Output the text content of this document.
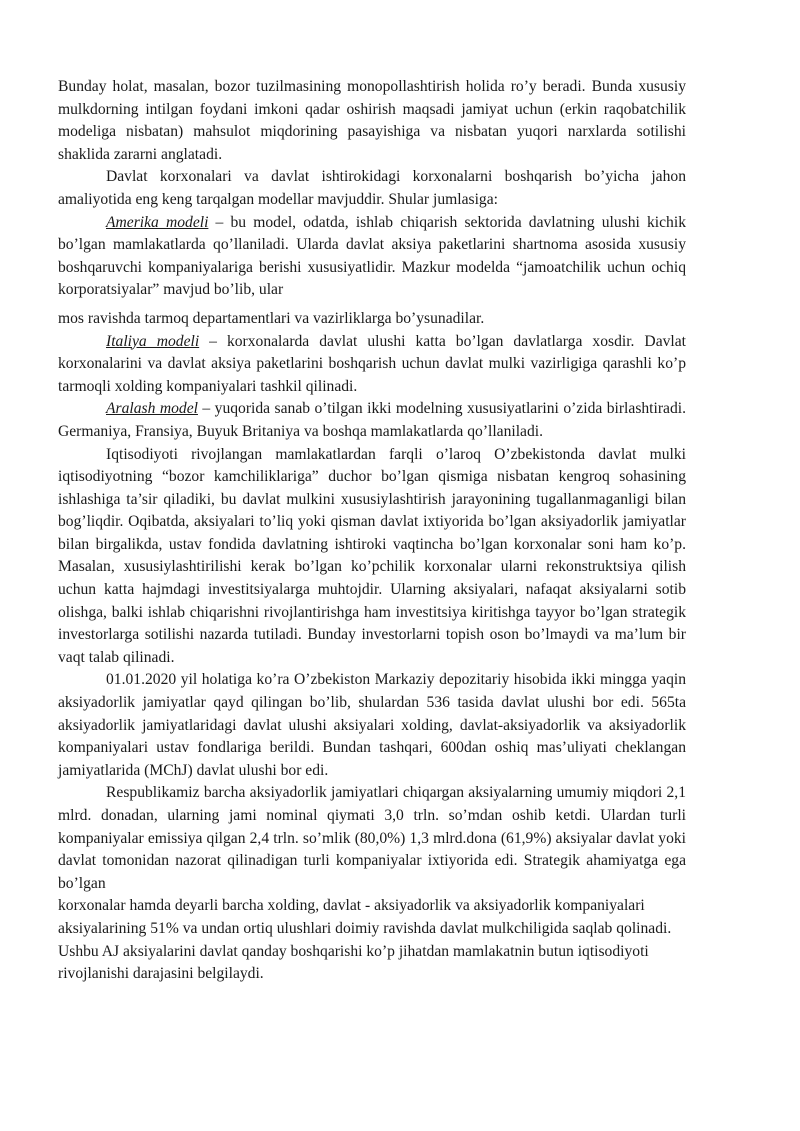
Bunday holat, masalan, bozor tuzilmasining monopollashtirish holida ro’y beradi. Bunda xususiy mulkdorning intilgan foydani imkoni qadar oshirish maqsadi jamiyat uchun (erkin raqobatchilik modeliga nisbatan) mahsulot miqdorining pasayishiga va nisbatan yuqori narxlarda sotilishi shaklida zararni anglatadi.

Davlat korxonalari va davlat ishtirokidagi korxonalarni boshqarish bo’yicha jahon amaliyotida eng keng tarqalgan modellar mavjuddir. Shular jumlasiga:

Amerika modeli – bu model, odatda, ishlab chiqarish sektorida davlatning ulushi kichik bo’lgan mamlakatlarda qo’llaniladi. Ularda davlat aksiya paketlarini shartnoma asosida xususiy boshqaruvchi kompaniyalariga berishi xususiyatlidir. Mazkur modelda “jamoatchilik uchun ochiq korporatsiyalar” mavjud bo’lib, ular

mos ravishda tarmoq departamentlari va vazirliklarga bo’ysunadilar.

Italiya modeli – korxonalarda davlat ulushi katta bo’lgan davlatlarga xosdir. Davlat korxonalarini va davlat aksiya paketlarini boshqarish uchun davlat mulki vazirligiga qarashli ko’p tarmoqli xolding kompaniyalari tashkil qilinadi.

Aralash model – yuqorida sanab o’tilgan ikki modelning xususiyatlarini o’zida birlashtiradi. Germaniya, Fransiya, Buyuk Britaniya va boshqa mamlakatlarda qo’llaniladi.

Iqtisodiyoti rivojlangan mamlakatlardan farqli o’laroq O’zbekistonda davlat mulki iqtisodiyotning “bozor kamchiliklariga” duchor bo’lgan qismiga nisbatan kengroq sohasining ishlashiga ta’sir qiladiki, bu davlat mulkini xususiylashtirish jarayonining tugallanmaganligi bilan bog’liqdir. Oqibatda, aksiyalari to’liq yoki qisman davlat ixtiyorida bo’lgan aksiyadorlik jamiyatlar bilan birgalikda, ustav fondida davlatning ishtiroki vaqtincha bo’lgan korxonalar soni ham ko’p. Masalan, xususiylashtirilishi kerak bo’lgan ko’pchilik korxonalar ularni rekonstruktsiya qilish uchun katta hajmdagi investitsiyalarga muhtojdir. Ularning aksiyalari, nafaqat aksiyalarni sotib olishga, balki ishlab chiqarishni rivojlantirishga ham investitsiya kiritishga tayyor bo’lgan strategik investorlarga sotilishi nazarda tutiladi. Bunday investorlarni topish oson bo’lmaydi va ma’lum bir vaqt talab qilinadi.

01.01.2020 yil holatiga ko’ra O’zbekiston Markaziy depozitariy hisobida ikki mingga yaqin aksiyadorlik jamiyatlar qayd qilingan bo’lib, shulardan 536 tasida davlat ulushi bor edi. 565ta aksiyadorlik jamiyatlaridagi davlat ulushi aksiyalari xolding, davlat-aksiyadorlik va aksiyadorlik kompaniyalari ustav fondlariga berildi. Bundan tashqari, 600dan oshiq mas’uliyati cheklangan jamiyatlarida (MChJ) davlat ulushi bor edi.

Respublikamiz barcha aksiyadorlik jamiyatlari chiqargan aksiyalarning umumiy miqdori 2,1 mlrd. donadan, ularning jami nominal qiymati 3,0 trln. so’mdan oshib ketdi. Ulardan turli kompaniyalar emissiya qilgan 2,4 trln. so’mlik (80,0%) 1,3 mlrd.dona (61,9%) aksiyalar davlat yoki davlat tomonidan nazorat qilinadigan turli kompaniyalar ixtiyorida edi. Strategik ahamiyatga ega bo’lgan

korxonalar hamda deyarli barcha xolding, davlat - aksiyadorlik va aksiyadorlik kompaniyalari aksiyalarining 51% va undan ortiq ulushlari doimiy ravishda davlat mulkchiligida saqlab qolinadi. Ushbu AJ aksiyalarini davlat qanday boshqarishi ko’p jihatdan mamlakatnin butun iqtisodiyoti rivojlanishi darajasini belgilaydi.
